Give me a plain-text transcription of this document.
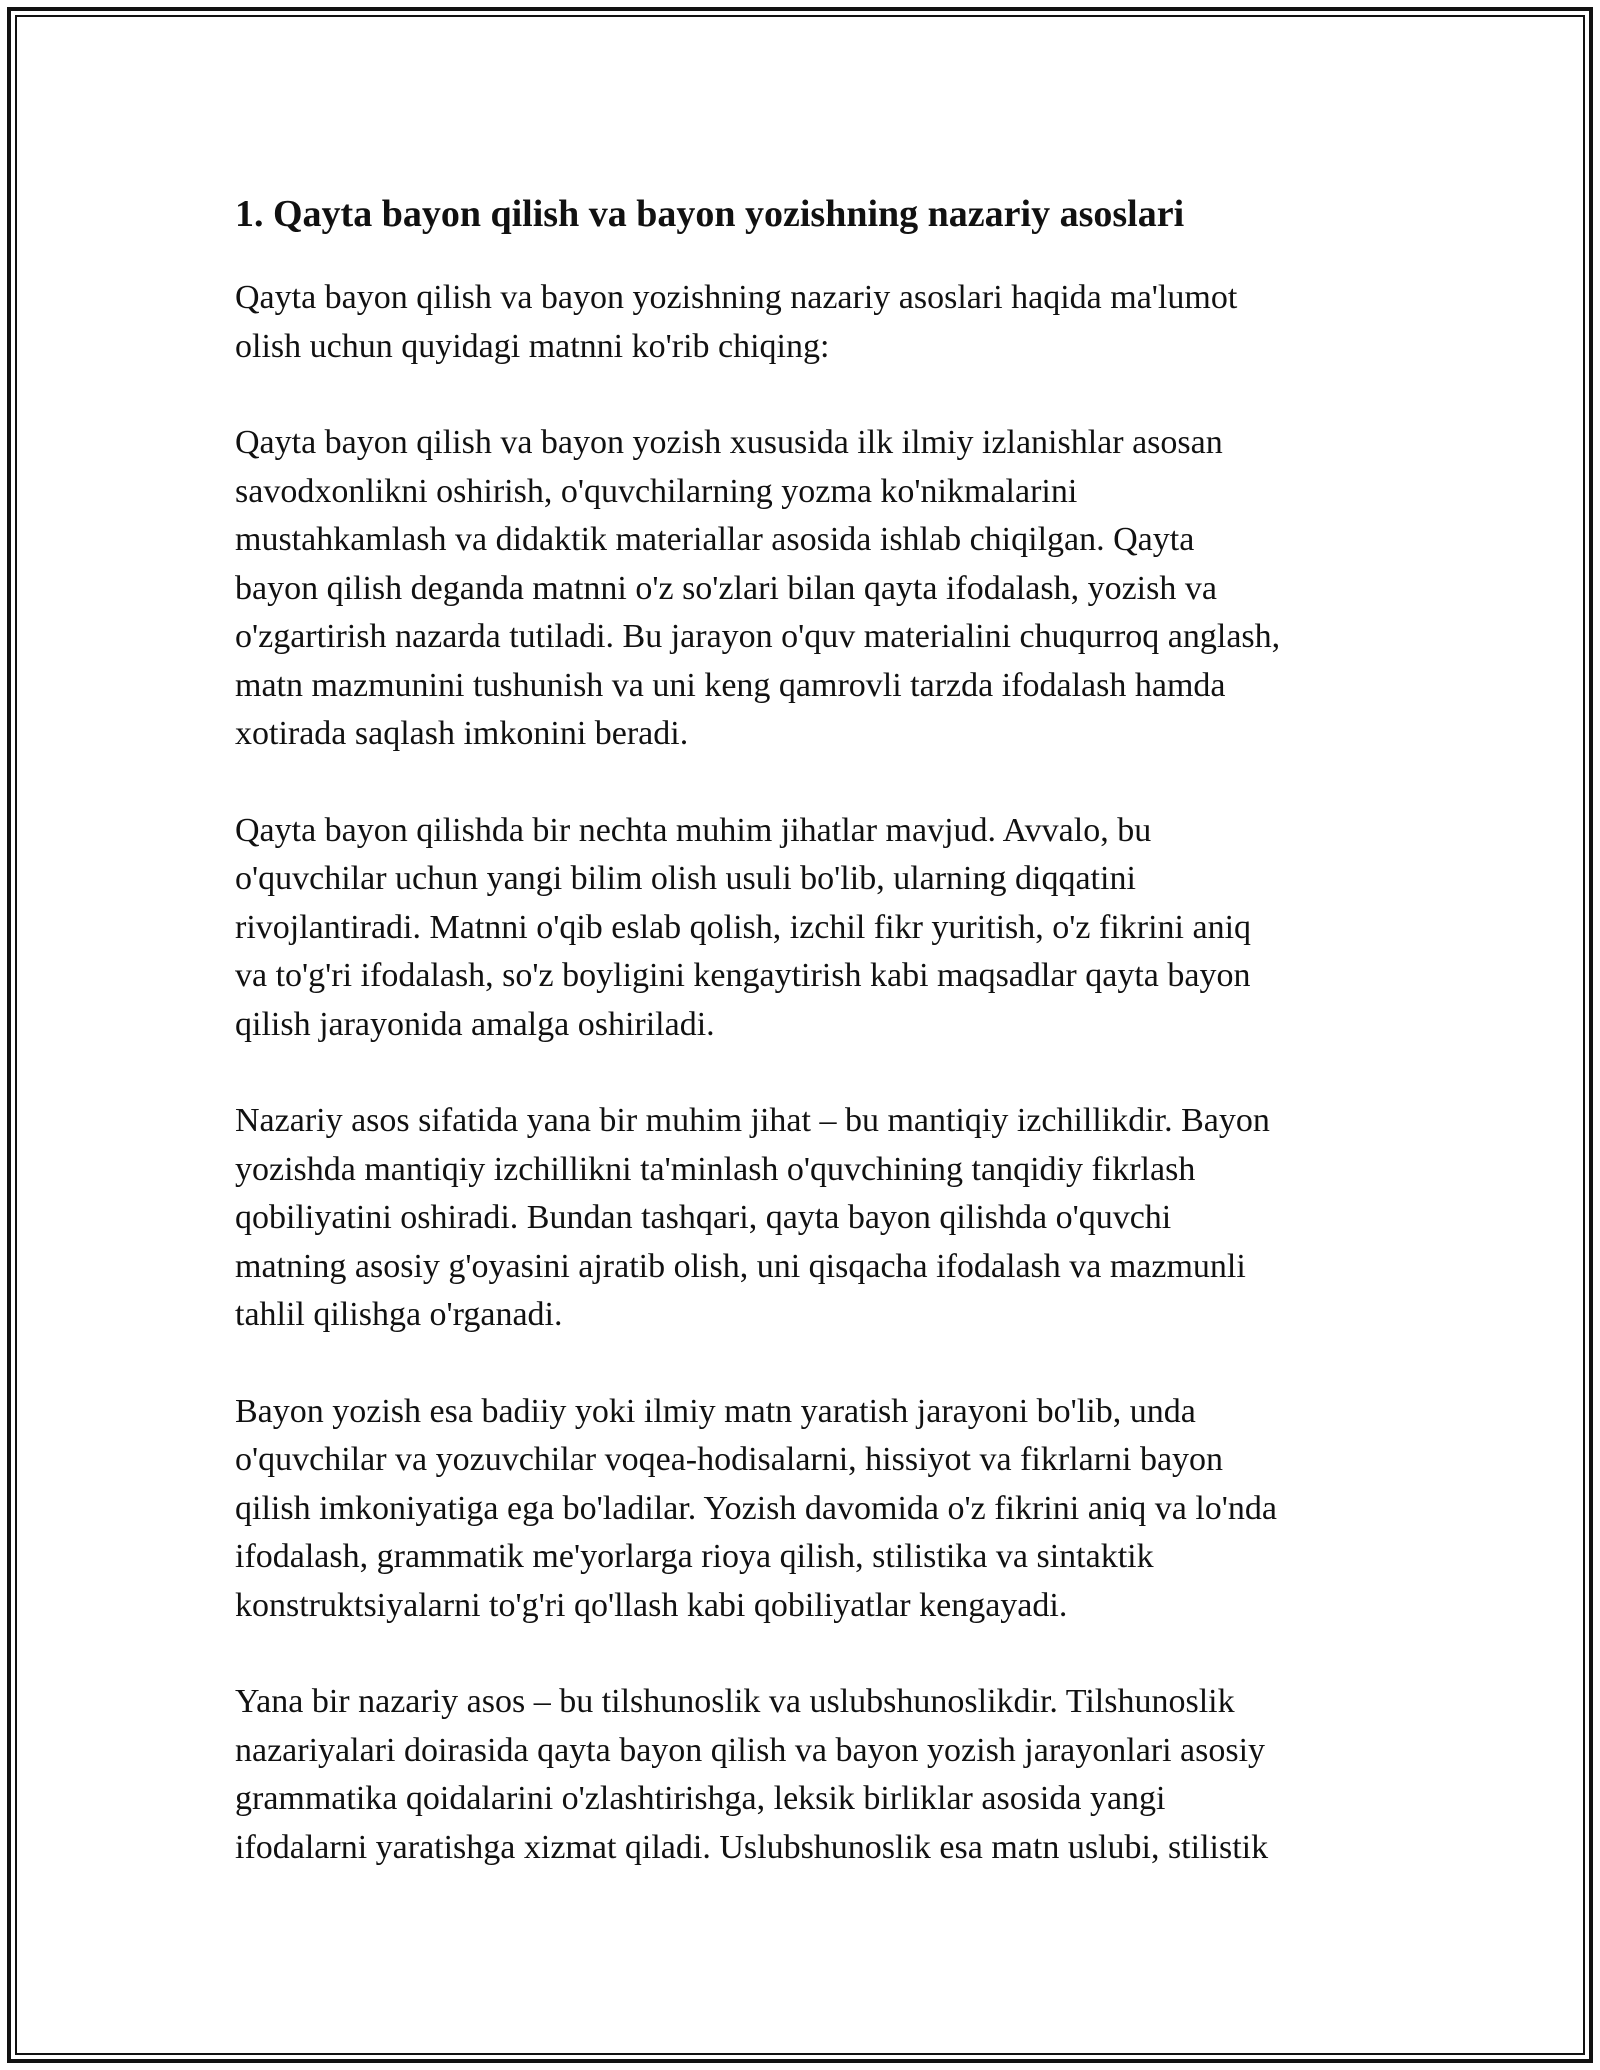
1. Qayta bayon qilish va bayon yozishning nazariy asoslari

Qayta bayon qilish va bayon yozishning nazariy asoslari haqida ma'lumot
olish uchun quyidagi matnni ko'rib chiqing:

Qayta bayon qilish va bayon yozish xususida ilk ilmiy izlanishlar asosan
savodxonlikni oshirish, o'quvchilarning yozma ko'nikmalarini
mustahkamlash va didaktik materiallar asosida ishlab chiqilgan. Qayta
bayon qilish deganda matnni o'z so'zlari bilan qayta ifodalash, yozish va
o'zgartirish nazarda tutiladi. Bu jarayon o'quv materialini chuqurroq anglash,
matn mazmunini tushunish va uni keng qamrovli tarzda ifodalash hamda
xotirada saqlash imkonini beradi.

Qayta bayon qilishda bir nechta muhim jihatlar mavjud. Avvalo, bu
o'quvchilar uchun yangi bilim olish usuli bo'lib, ularning diqqatini
rivojlantiradi. Matnni o'qib eslab qolish, izchil fikr yuritish, o'z fikrini aniq
va to'g'ri ifodalash, so'z boyligini kengaytirish kabi maqsadlar qayta bayon
qilish jarayonida amalga oshiriladi.

Nazariy asos sifatida yana bir muhim jihat – bu mantiqiy izchillikdir. Bayon
yozishda mantiqiy izchillikni ta'minlash o'quvchining tanqidiy fikrlash
qobiliyatini oshiradi. Bundan tashqari, qayta bayon qilishda o'quvchi
matning asosiy g'oyasini ajratib olish, uni qisqacha ifodalash va mazmunli
tahlil qilishga o'rganadi.

Bayon yozish esa badiiy yoki ilmiy matn yaratish jarayoni bo'lib, unda
o'quvchilar va yozuvchilar voqea-hodisalarni, hissiyot va fikrlarni bayon
qilish imkoniyatiga ega bo'ladilar. Yozish davomida o'z fikrini aniq va lo'nda
ifodalash, grammatik me'yorlarga rioya qilish, stilistika va sintaktik
konstruktsiyalarni to'g'ri qo'llash kabi qobiliyatlar kengayadi.

Yana bir nazariy asos – bu tilshunoslik va uslubshunoslikdir. Tilshunoslik
nazariyalari doirasida qayta bayon qilish va bayon yozish jarayonlari asosiy
grammatika qoidalarini o'zlashtirishga, leksik birliklar asosida yangi
ifodalarni yaratishga xizmat qiladi. Uslubshunoslik esa matn uslubi, stilistik
